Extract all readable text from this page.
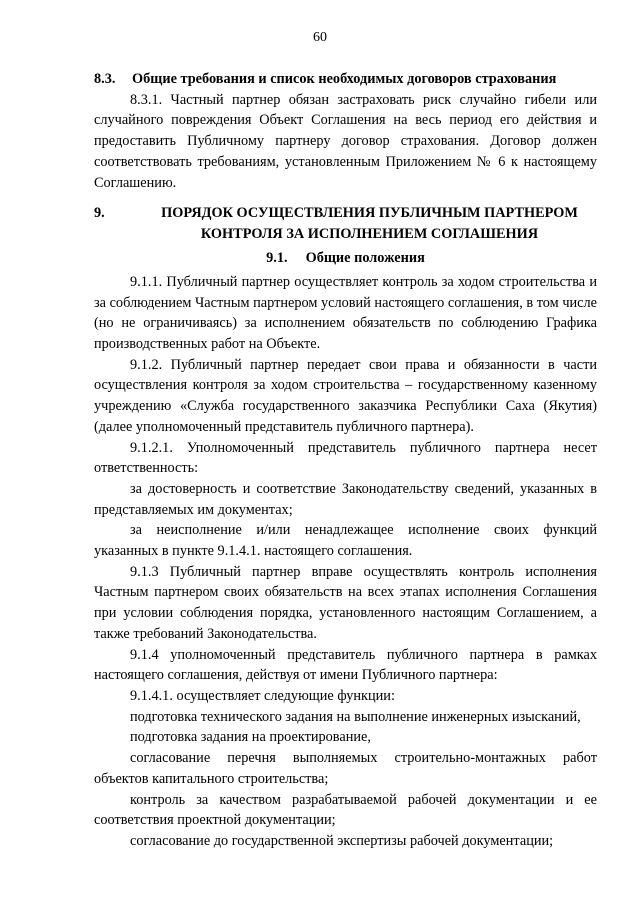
60
8.3.	Общие требования и список необходимых договоров страхования

8.3.1. Частный партнер обязан застраховать риск случайно гибели или случайного повреждения Объект Соглашения на весь период его действия и предоставить Публичному партнеру договор страхования. Договор должен соответствовать требованиям, установленным Приложением № 6 к настоящему Соглашению.

9.	ПОРЯДОК ОСУЩЕСТВЛЕНИЯ ПУБЛИЧНЫМ ПАРТНЕРОМ КОНТРОЛЯ ЗА ИСПОЛНЕНИЕМ СОГЛАШЕНИЯ
9.1. Общие положения

9.1.1. Публичный партнер осуществляет контроль за ходом строительства и за соблюдением Частным партнером условий настоящего соглашения, в том числе (но не ограничиваясь) за исполнением обязательств по соблюдению Графика производственных работ на Объекте.

9.1.2. Публичный партнер передает свои права и обязанности в части осуществления контроля за ходом строительства – государственному казенному учреждению «Служба государственного заказчика Республики Саха (Якутия) (далее уполномоченный представитель публичного партнера).

9.1.2.1. Уполномоченный представитель публичного партнера несет ответственность:

за достоверность и соответствие Законодательству сведений, указанных в представляемых им документах;

за неисполнение и/или ненадлежащее исполнение своих функций указанных в пункте 9.1.4.1. настоящего соглашения.

9.1.3 Публичный партнер вправе осуществлять контроль исполнения Частным партнером своих обязательств на всех этапах исполнения Соглашения при условии соблюдения порядка, установленного настоящим Соглашением, а также требований Законодательства.

9.1.4 уполномоченный представитель публичного партнера в рамках настоящего соглашения, действуя от имени Публичного партнера:

9.1.4.1. осуществляет следующие функции:

подготовка технического задания на выполнение инженерных изысканий,

подготовка задания на проектирование,

согласование перечня выполняемых строительно-монтажных работ объектов капитального строительства;

контроль за качеством разрабатываемой рабочей документации и ее соответствия проектной документации;

согласование до государственной экспертизы рабочей документации;
